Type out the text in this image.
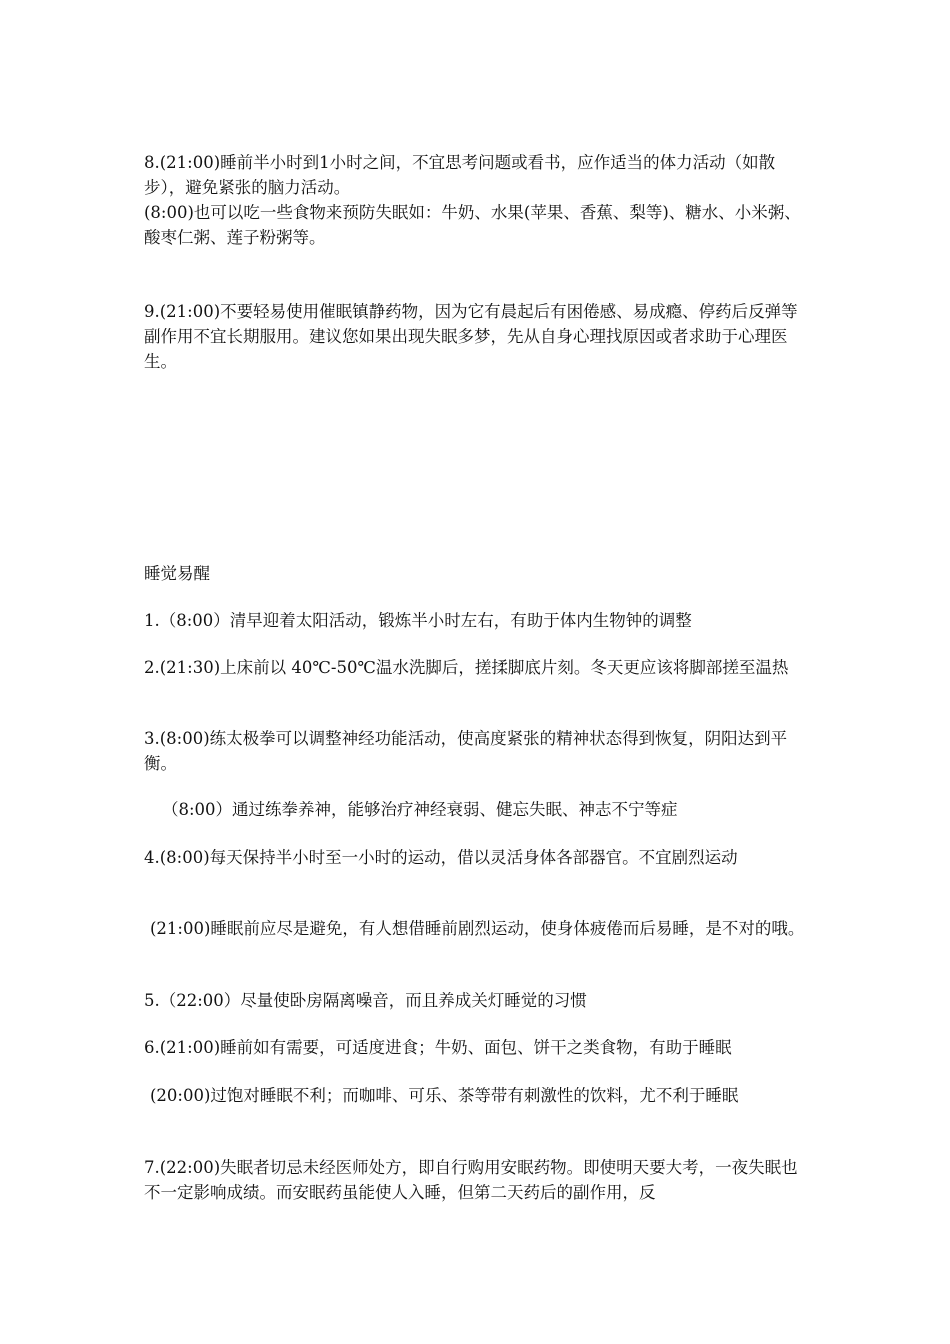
8.(21:00)睡前半小时到1小时之间，不宜思考问题或看书，应作适当的体力活动（如散步），避免紧张的脑力活动。

(8:00)也可以吃一些食物来预防失眠如：牛奶、水果(苹果、香蕉、梨等)、糖水、小米粥、酸枣仁粥、莲子粉粥等。

9.(21:00)不要轻易使用催眠镇静药物，因为它有晨起后有困倦感、易成瘾、停药后反弹等副作用不宜长期服用。建议您如果出现失眠多梦，先从自身心理找原因或者求助于心理医生。

睡觉易醒

1.（8:00）清早迎着太阳活动，锻炼半小时左右，有助于体内生物钟的调整

2.(21:30)上床前以 40℃-50℃温水洗脚后，搓揉脚底片刻。冬天更应该将脚部搓至温热

3.(8:00)练太极拳可以调整神经功能活动，使高度紧张的精神状态得到恢复，阴阳达到平衡。

（8:00）通过练拳养神，能够治疗神经衰弱、健忘失眠、神志不宁等症

4.(8:00)每天保持半小时至一小时的运动，借以灵活身体各部器官。不宜剧烈运动

(21:00)睡眠前应尽是避免，有人想借睡前剧烈运动，使身体疲倦而后易睡，是不对的哦。

5.（22:00）尽量使卧房隔离噪音，而且养成关灯睡觉的习惯

6.(21:00)睡前如有需要，可适度进食；牛奶、面包、饼干之类食物，有助于睡眠

(20:00)过饱对睡眠不利；而咖啡、可乐、茶等带有刺激性的饮料，尤不利于睡眠

7.(22:00)失眠者切忌未经医师处方，即自行购用安眠药物。即使明天要大考，一夜失眠也不一定影响成绩。而安眠药虽能使人入睡，但第二天药后的副作用，反
